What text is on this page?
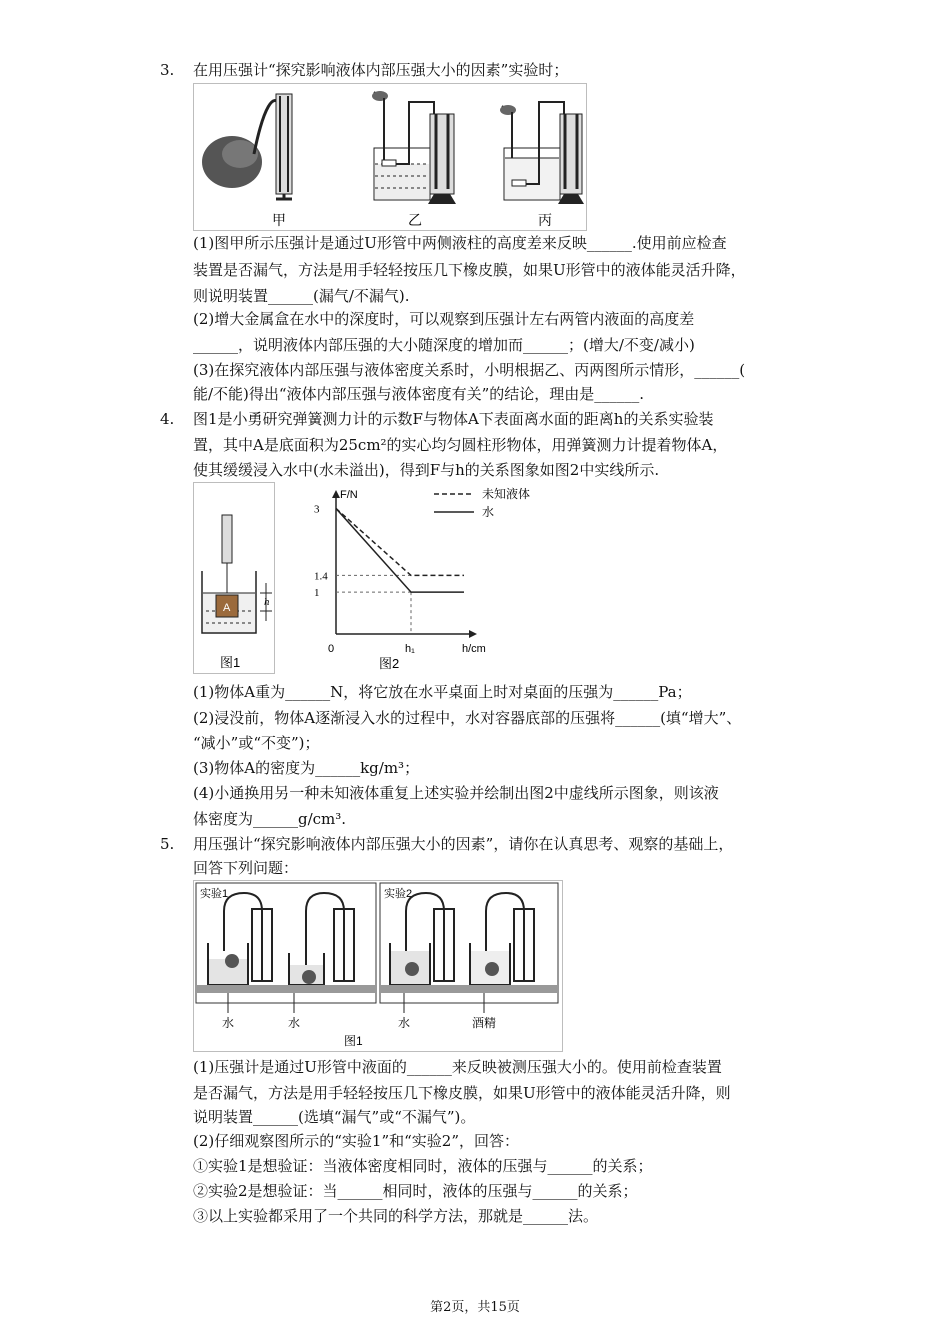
3. 在用压强计“探究影响液体内部压强大小的因素”实验时；
甲	乙	丙
(1)图甲所示压强计是通过U形管中两侧液柱的高度差来反映______.使用前应检查
装置是否漏气，方法是用手轻轻按压几下橡皮膜，如果U形管中的液体能灵活升降，
则说明装置______(漏气/不漏气).
(2)增大金属盒在水中的深度时，可以观察到压强计左右两管内液面的高度差
______，说明液体内部压强的大小随深度的增加而______；(增大/不变/减小)
(3)在探究液体内部压强与液体密度关系时，小明根据乙、丙两图所示情形，______(
能/不能)得出“液体内部压强与液体密度有关”的结论，理由是______.
4. 图1是小勇研究弹簧测力计的示数F与物体A下表面离水面的距离h的关系实验装
置，其中A是底面积为25cm²的实心均匀圆柱形物体，用弹簧测力计提着物体A，
使其缓缓浸入水中(水未溢出)，得到F与h的关系图象如图2中实线所示.
A	h
图1
F/N
h/cm
0	h₁
3
1.4
1
未知液体
水
图2
(1)物体A重为______N，将它放在水平桌面上时对桌面的压强为______Pa；
(2)浸没前，物体A逐渐浸入水的过程中，水对容器底部的压强将______(填“增大”、
“减小”或“不变”)；
(3)物体A的密度为______kg/m³；
(4)小通换用另一种未知液体重复上述实验并绘制出图2中虚线所示图象，则该液
体密度为______g/cm³.
5. 用压强计“探究影响液体内部压强大小的因素”，请你在认真思考、观察的基础上，
回答下列问题：
实验1	实验2
水	水	水	酒精
图1
(1)压强计是通过U形管中液面的______来反映被测压强大小的。使用前检查装置
是否漏气，方法是用手轻轻按压几下橡皮膜，如果U形管中的液体能灵活升降，则
说明装置______(选填“漏气”或“不漏气”)。
(2)仔细观察图所示的“实验1”和“实验2”，回答：
①实验1是想验证：当液体密度相同时，液体的压强与______的关系；
②实验2是想验证：当______相同时，液体的压强与______的关系；
③以上实验都采用了一个共同的科学方法，那就是______法。
第2页，共15页
